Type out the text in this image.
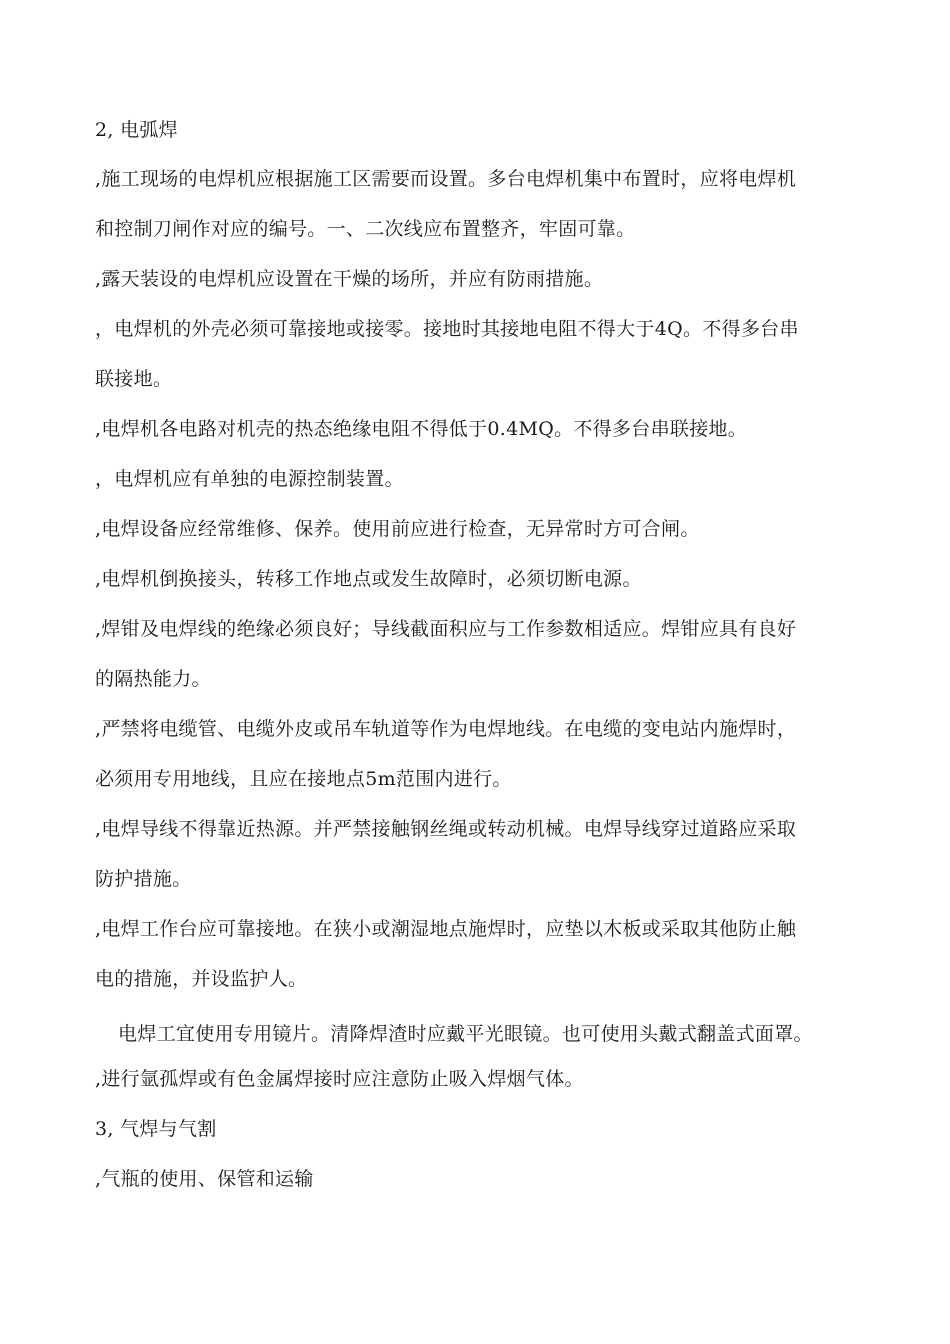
2, 电弧焊
,施工现场的电焊机应根据施工区需要而设置。多台电焊机集中布置时，应将电焊机
和控制刀闸作对应的编号。一、二次线应布置整齐，牢固可靠。
,露天装设的电焊机应设置在干燥的场所，并应有防雨措施。
，电焊机的外壳必须可靠接地或接零。接地时其接地电阻不得大于4Q。不得多台串
联接地。
,电焊机各电路对机壳的热态绝缘电阻不得低于0.4MQ。不得多台串联接地。
，电焊机应有单独的电源控制装置。
,电焊设备应经常维修、保养。使用前应进行检查，无异常时方可合闸。
,电焊机倒换接头，转移工作地点或发生故障时，必须切断电源。
,焊钳及电焊线的绝缘必须良好；导线截面积应与工作参数相适应。焊钳应具有良好
的隔热能力。
,严禁将电缆管、电缆外皮或吊车轨道等作为电焊地线。在电缆的变电站内施焊时，
必须用专用地线，且应在接地点5m范围内进行。
,电焊导线不得靠近热源。并严禁接触钢丝绳或转动机械。电焊导线穿过道路应采取
防护措施。
,电焊工作台应可靠接地。在狭小或潮湿地点施焊时，应垫以木板或采取其他防止触
电的措施，并设监护人。
电焊工宜使用专用镜片。清降焊渣时应戴平光眼镜。也可使用头戴式翻盖式面罩。
,进行氩孤焊或有色金属焊接时应注意防止吸入焊烟气体。
3, 气焊与气割
,气瓶的使用、保管和运输
